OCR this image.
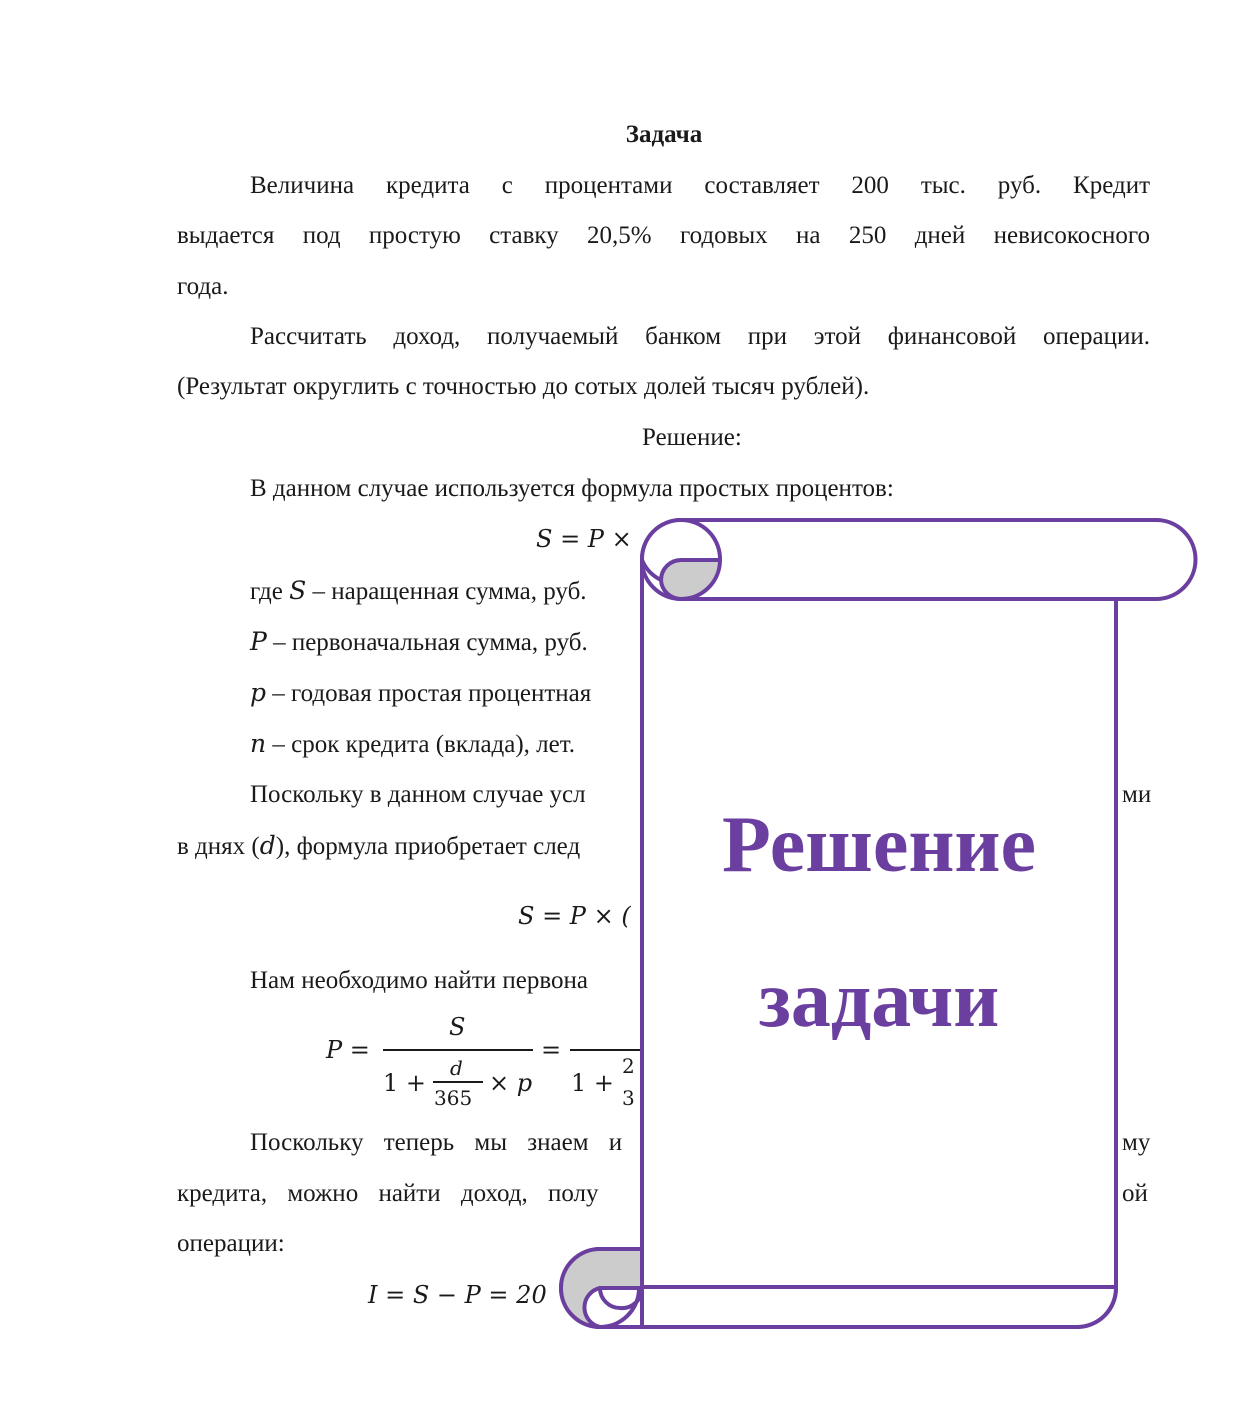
Задача
Величина кредита с процентами составляет 200 тыс. руб. Кредит
выдается под простую ставку 20,5% годовых на 250 дней невисокосного
года.
Рассчитать доход, получаемый банком при этой финансовой операции.
(Результат округлить с точностью до сотых долей тысяч рублей).
Решение:
В данном случае используется формула простых процентов:
S = P ×
где S – наращенная сумма, руб.
P – первоначальная сумма, руб.
p – годовая простая процентная
n – срок кредита (вклада), лет.
Поскольку в данном случае усл	ми
в днях (d), формула приобретает след
S = P × (
Нам необходимо найти первона
P =
S
1 +
d
365
× p
=
1 +
2
3
Поскольку теперь мы знаем и	му
кредита, можно найти доход, полу	ой
операции:
I = S − P = 20
Решение
задачи
